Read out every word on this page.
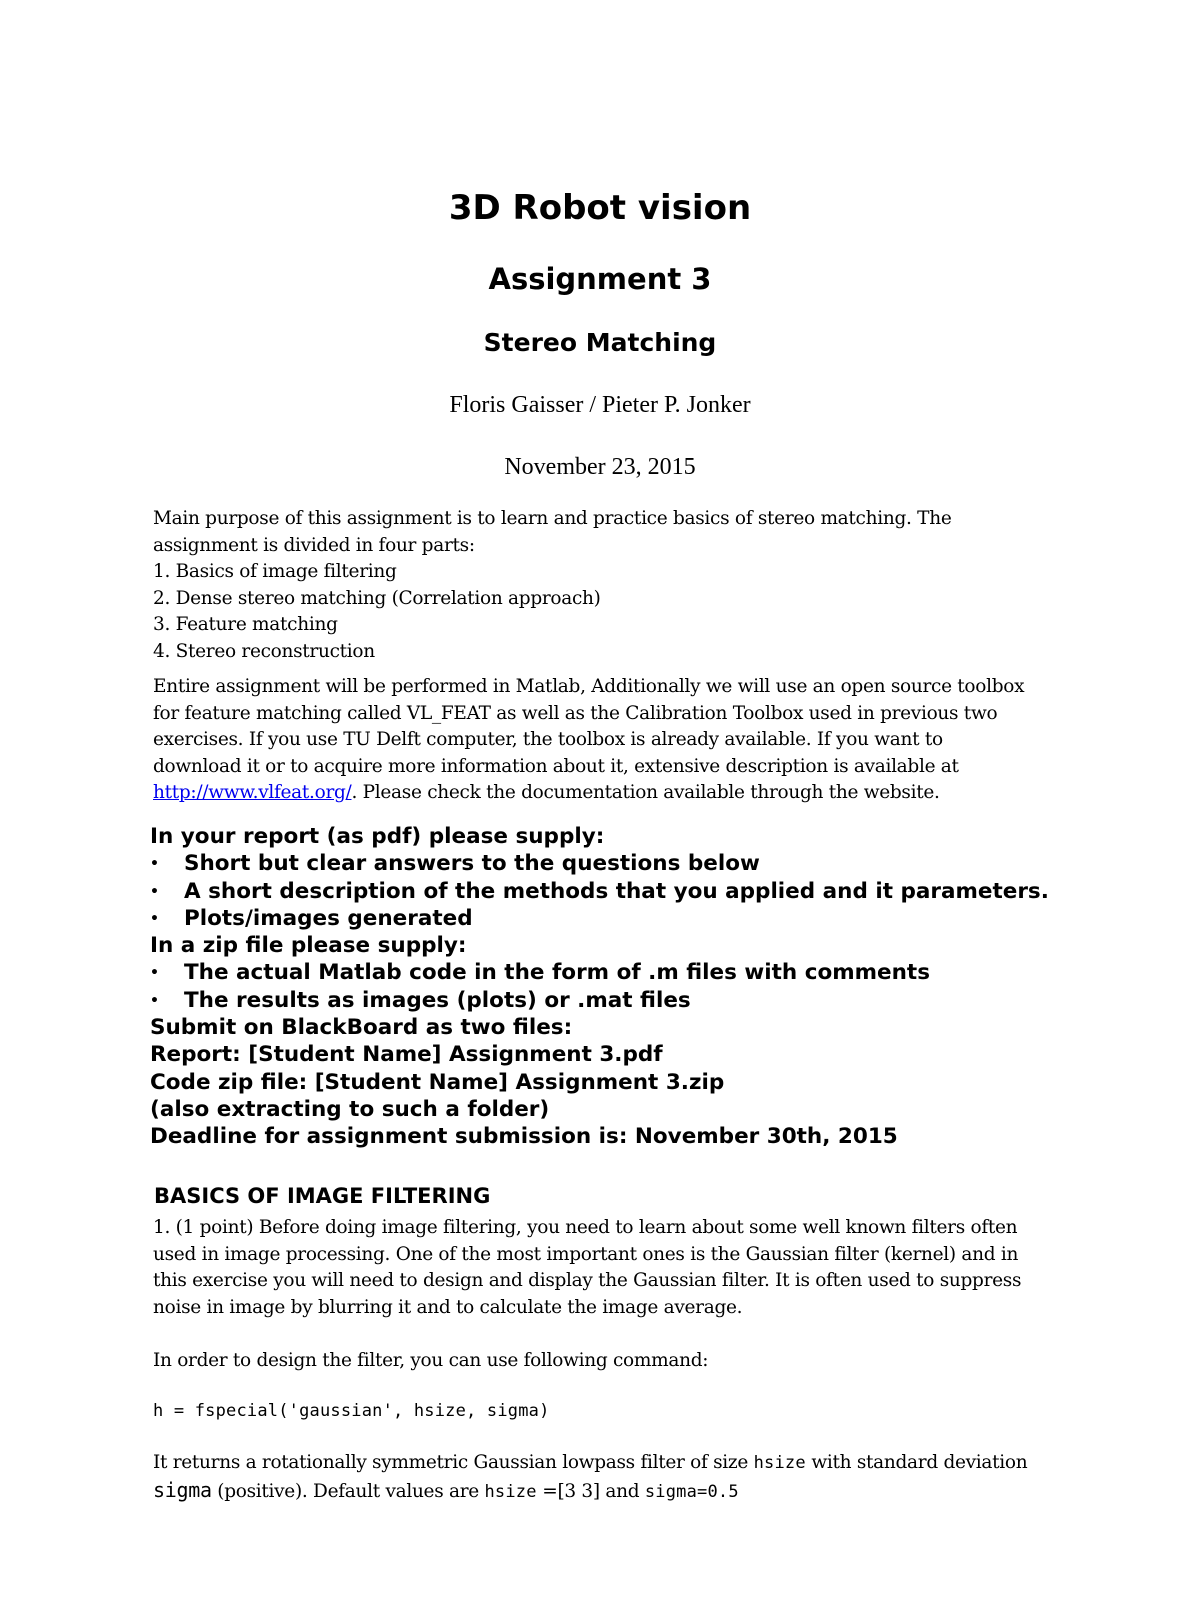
3D Robot vision
Assignment 3
Stereo Matching
Floris Gaisser / Pieter P. Jonker
November 23, 2015
Main purpose of this assignment is to learn and practice basics of stereo matching. The
assignment is divided in four parts:
1. Basics of image filtering
2. Dense stereo matching (Correlation approach)
3. Feature matching
4. Stereo reconstruction
Entire assignment will be performed in Matlab, Additionally we will use an open source toolbox
for feature matching called VL_FEAT as well as the Calibration Toolbox used in previous two
exercises. If you use TU Delft computer, the toolbox is already available. If you want to
download it or to acquire more information about it, extensive description is available at
http://www.vlfeat.org/. Please check the documentation available through the website.
In your report (as pdf) please supply:
• Short but clear answers to the questions below
• A short description of the methods that you applied and it parameters.
• Plots/images generated
In a zip file please supply:
• The actual Matlab code in the form of .m files with comments
• The results as images (plots) or .mat files
Submit on BlackBoard as two files:
Report: [Student Name] Assignment 3.pdf
Code zip file: [Student Name] Assignment 3.zip
(also extracting to such a folder)
Deadline for assignment submission is: November 30th, 2015
BASICS OF IMAGE FILTERING
1. (1 point) Before doing image filtering, you need to learn about some well known filters often
used in image processing. One of the most important ones is the Gaussian filter (kernel) and in
this exercise you will need to design and display the Gaussian filter. It is often used to suppress
noise in image by blurring it and to calculate the image average.
In order to design the filter, you can use following command:
h = fspecial('gaussian', hsize, sigma)
It returns a rotationally symmetric Gaussian lowpass filter of size hsize with standard deviation
sigma (positive). Default values are hsize =[3 3] and sigma=0.5
